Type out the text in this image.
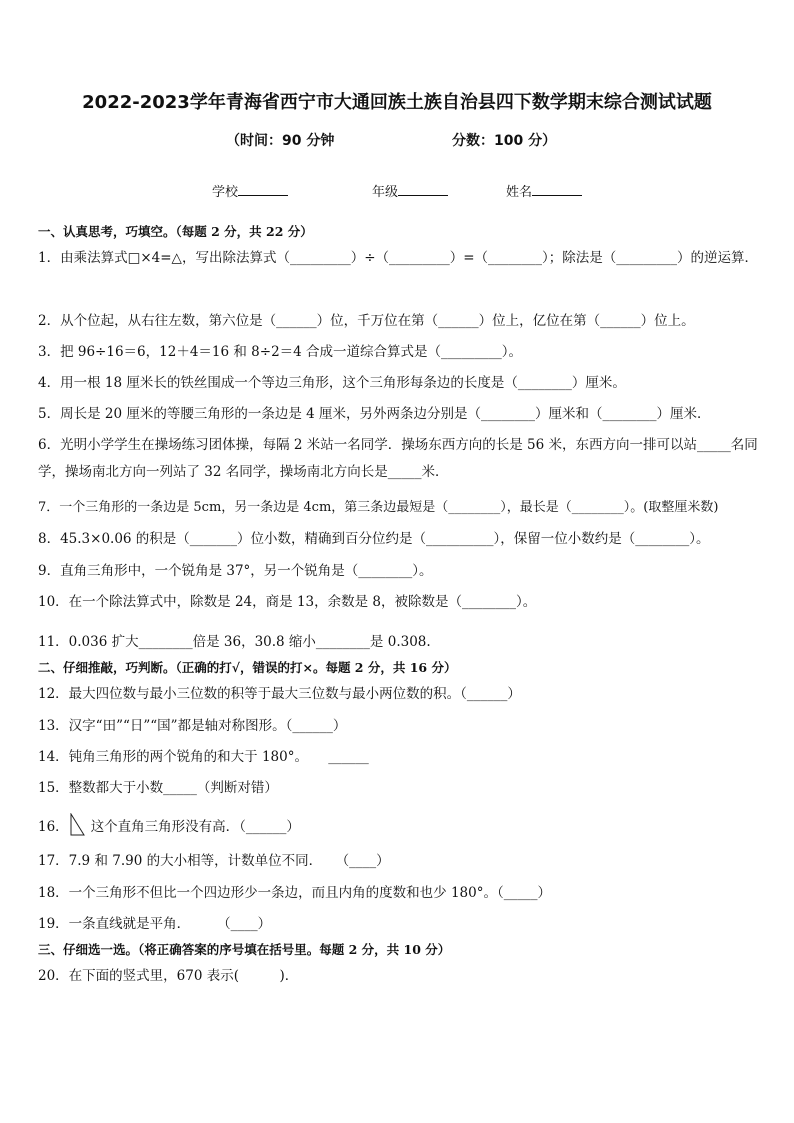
2022-2023学年青海省西宁市大通回族土族自治县四下数学期末综合测试试题
（时间：90 分钟	分数：100 分）
学校	年级	姓名
一、认真思考，巧填空。（每题 2 分，共 22 分）
1．由乘法算式□×4=△，写出除法算式（_________）÷（_________）=（________）；除法是（_________）的逆运算．
2．从个位起，从右往左数，第六位是（______）位，千万位在第（______）位上，亿位在第（______）位上。
3．把 96÷16＝6，12＋4＝16 和 8÷2＝4 合成一道综合算式是（_________）。
4．用一根 18 厘米长的铁丝围成一个等边三角形，这个三角形每条边的长度是（________）厘米。
5．周长是 20 厘米的等腰三角形的一条边是 4 厘米，另外两条边分别是（________）厘米和（________）厘米．
6．光明小学学生在操场练习团体操，每隔 2 米站一名同学．操场东西方向的长是 56 米，东西方向一排可以站_____名同学，操场南北方向一列站了 32 名同学，操场南北方向长是_____米．
7．一个三角形的一条边是 5cm，另一条边是 4cm，第三条边最短是（________），最长是（________）。(取整厘米数)
8．45.3×0.06 的积是（_______）位小数，精确到百分位约是（__________），保留一位小数约是（________）。
9．直角三角形中，一个锐角是 37°，另一个锐角是（________）。
10．在一个除法算式中，除数是 24，商是 13，余数是 8，被除数是（________）。
11．0.036 扩大________倍是 36，30.8 缩小________是 0.308.
二、仔细推敲，巧判断。（正确的打√，错误的打×。每题 2 分，共 16 分）
12．最大四位数与最小三位数的积等于最大三位数与最小两位数的积。（______）
13．汉字“田”“日”“国”都是轴对称图形。（______）
14．钝角三角形的两个锐角的和大于 180°。　　______
15．整数都大于小数_____（判断对错）
16． 这个直角三角形没有高．（______）
17．7.9 和 7.90 的大小相等，计数单位不同．　　（____）
18．一个三角形不但比一个四边形少一条边，而且内角的度数和也少 180°。（_____）
19．一条直线就是平角．　　　（____）
三、仔细选一选。（将正确答案的序号填在括号里。每题 2 分，共 10 分）
20．在下面的竖式里，670 表示(　　　)．
